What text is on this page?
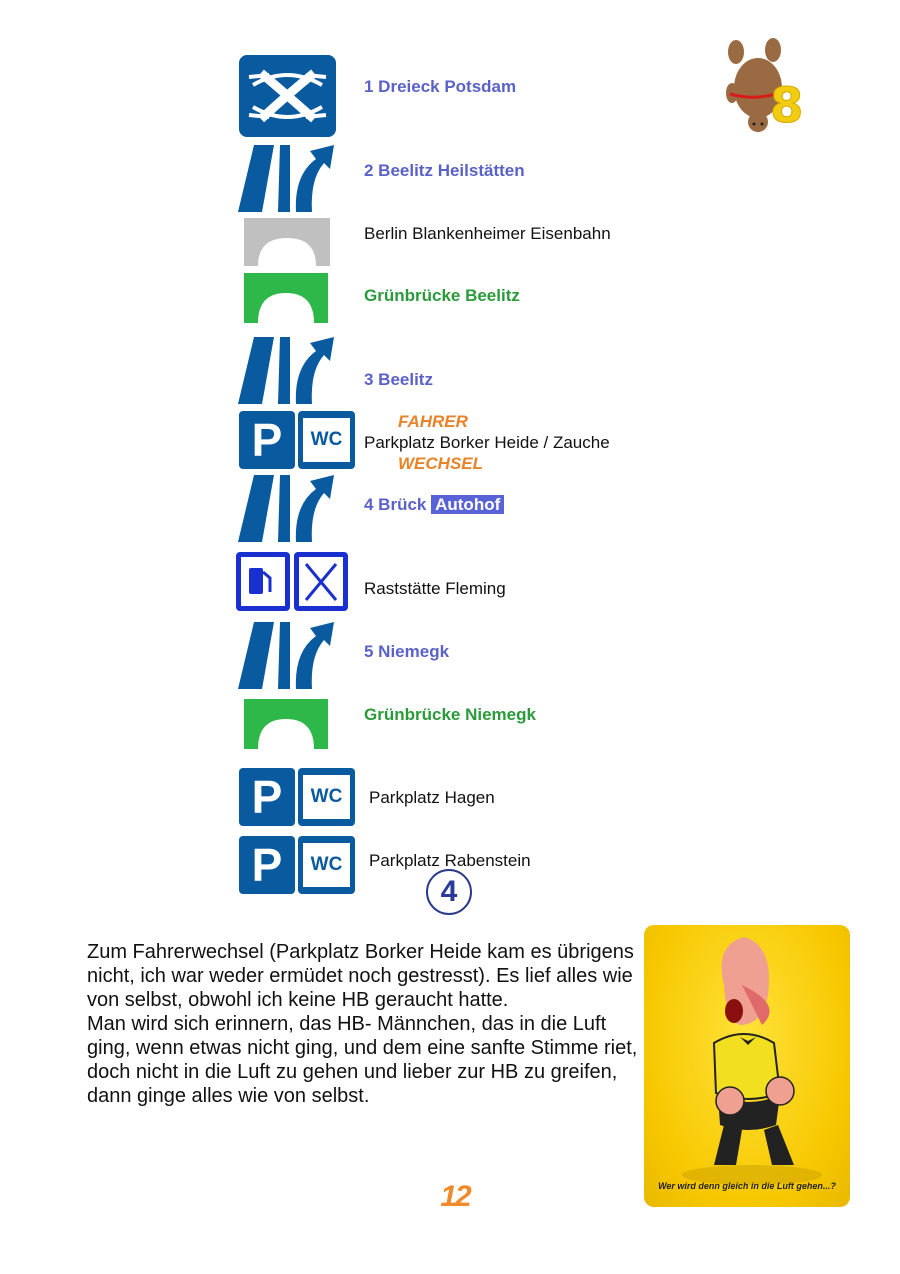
8
P	WC
P	WC
P	WC
1 Dreieck Potsdam
2 Beelitz Heilstätten
Berlin Blankenheimer Eisenbahn
Grünbrücke Beelitz
3 Beelitz
FAHRER
Parkplatz Borker Heide / Zauche
WECHSEL
4 Brück Autohof
Raststätte Fleming
5 Niemegk
Grünbrücke Niemegk
Parkplatz Hagen
Parkplatz Rabenstein
4

Zum Fahrerwechsel (Parkplatz Borker Heide kam es übrigens nicht, ich war weder ermüdet noch gestresst). Es lief alles wie von selbst, obwohl ich keine HB geraucht hatte.

Man wird sich erinnern, das HB- Männchen, das in die Luft ging, wenn etwas nicht ging, und dem eine sanfte Stimme riet, doch nicht in die Luft zu gehen und lieber zur HB zu greifen, dann ginge alles wie von selbst.

Wer wird denn gleich in die Luft gehen...?
12
